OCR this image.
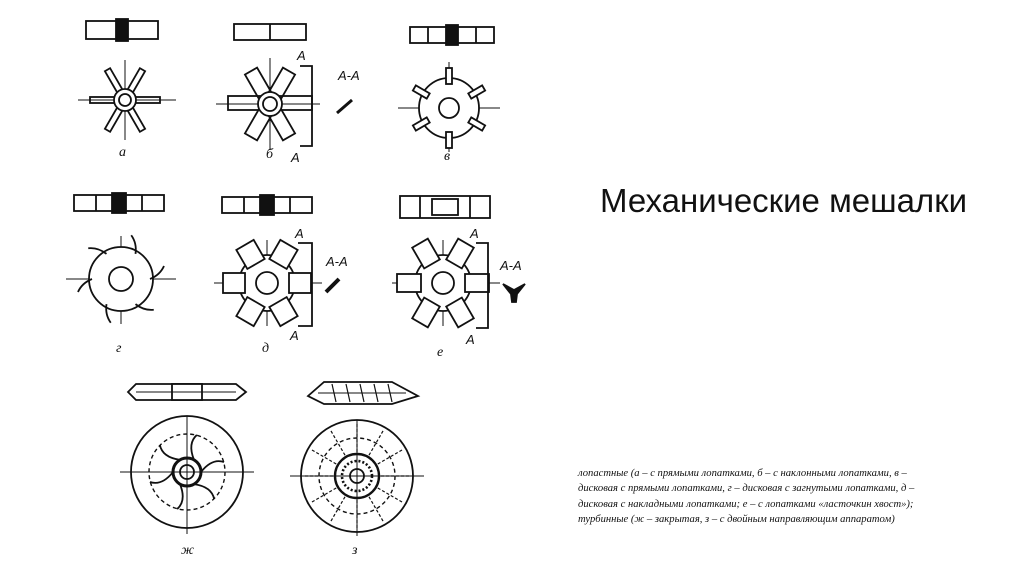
а
А
А
А-А
б	в
г
А
А
А-А
д
А
А
А-А
е
ж	з
Механические мешалки
лопастные (а – с прямыми лопатками, б – с наклонными лопатками, в –
дисковая с прямыми лопатками, г – дисковая с загнутыми лопатками, д –
дисковая с накладными лопатками; е – с лопатками «ласточкин хвост»);
турбинные (ж – закрытая, з – с двойным направляющим аппаратом)
